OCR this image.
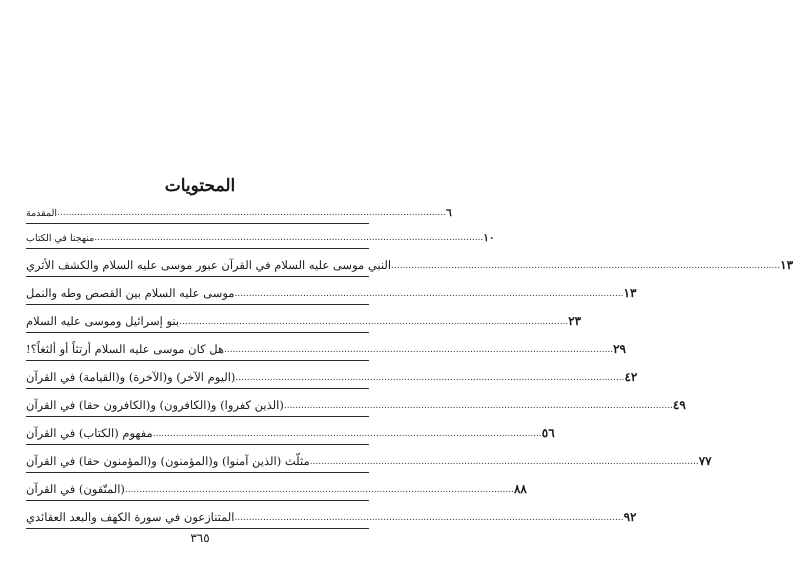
المحتويات
المقدمة .....	٦
منهجنا في الكتاب .....	١٠
النبي موسى عليه السلام في القرآن عبور موسى عليه السلام والكشف الأثري .....	١٣
موسى عليه السلام بين القصص وطه والنمل .....	١٣
بنو إسرائيل وموسى عليه السلام .....	٢٣
هل كان موسى عليه السلام أرتثاً أو ألثغاً؟! .....	٢٩
(اليوم الآخر) و(الآخرة) و(القيامة) في القرآن .....	٤٢
(الذين كفروا) و(الكافرون) و(الكافرون حقا) في القرآن .....	٤٩
مفهوم (الكتاب) في القرآن .....	٥٦
مثلّث (الذين آمنوا) و(المؤمنون) و(المؤمنون حقا) في القرآن .....	٧٧
(المتّقون) في القرآن .....	٨٨
المتنازعون في سورة الكهف والبعد العقائدي .....	٩٢
٣٦٥
